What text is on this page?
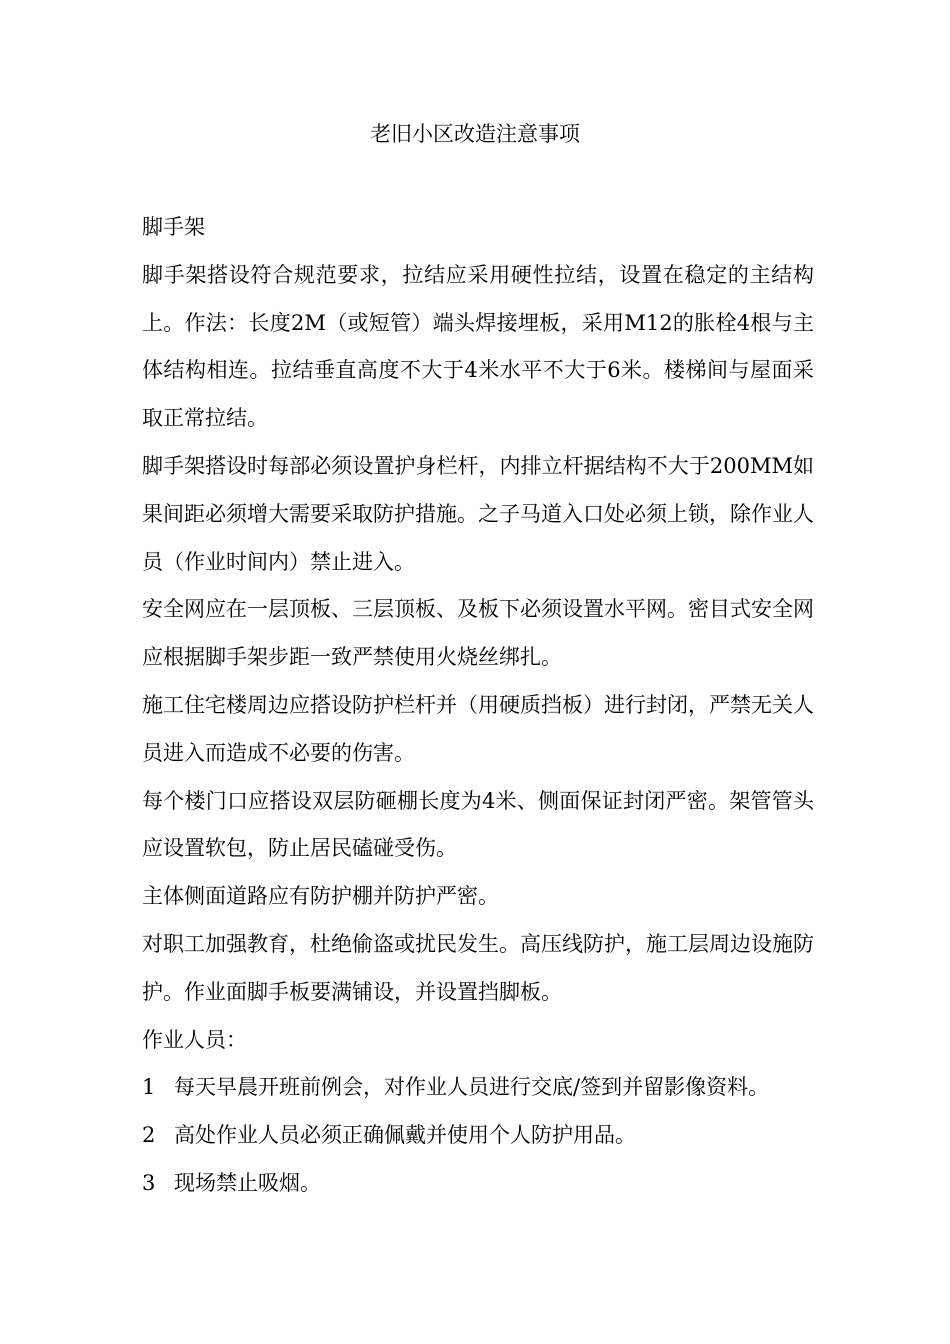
老旧小区改造注意事项

脚手架

脚手架搭设符合规范要求，拉结应采用硬性拉结，设置在稳定的主结构上。作法：长度2M（或短管）端头焊接埋板，采用M12的胀栓4根与主体结构相连。拉结垂直高度不大于4米水平不大于6米。楼梯间与屋面采取正常拉结。

脚手架搭设时每部必须设置护身栏杆，内排立杆据结构不大于200MM如果间距必须增大需要采取防护措施。之子马道入口处必须上锁，除作业人员（作业时间内）禁止进入。

安全网应在一层顶板、三层顶板、及板下必须设置水平网。密目式安全网应根据脚手架步距一致严禁使用火烧丝绑扎。

施工住宅楼周边应搭设防护栏杆并（用硬质挡板）进行封闭，严禁无关人员进入而造成不必要的伤害。

每个楼门口应搭设双层防砸棚长度为4米、侧面保证封闭严密。架管管头应设置软包，防止居民磕碰受伤。

主体侧面道路应有防护棚并防护严密。

对职工加强教育，杜绝偷盗或扰民发生。高压线防护，施工层周边设施防护。作业面脚手板要满铺设，并设置挡脚板。

作业人员：

1 每天早晨开班前例会，对作业人员进行交底/签到并留影像资料。
2 高处作业人员必须正确佩戴并使用个人防护用品。
3 现场禁止吸烟。
